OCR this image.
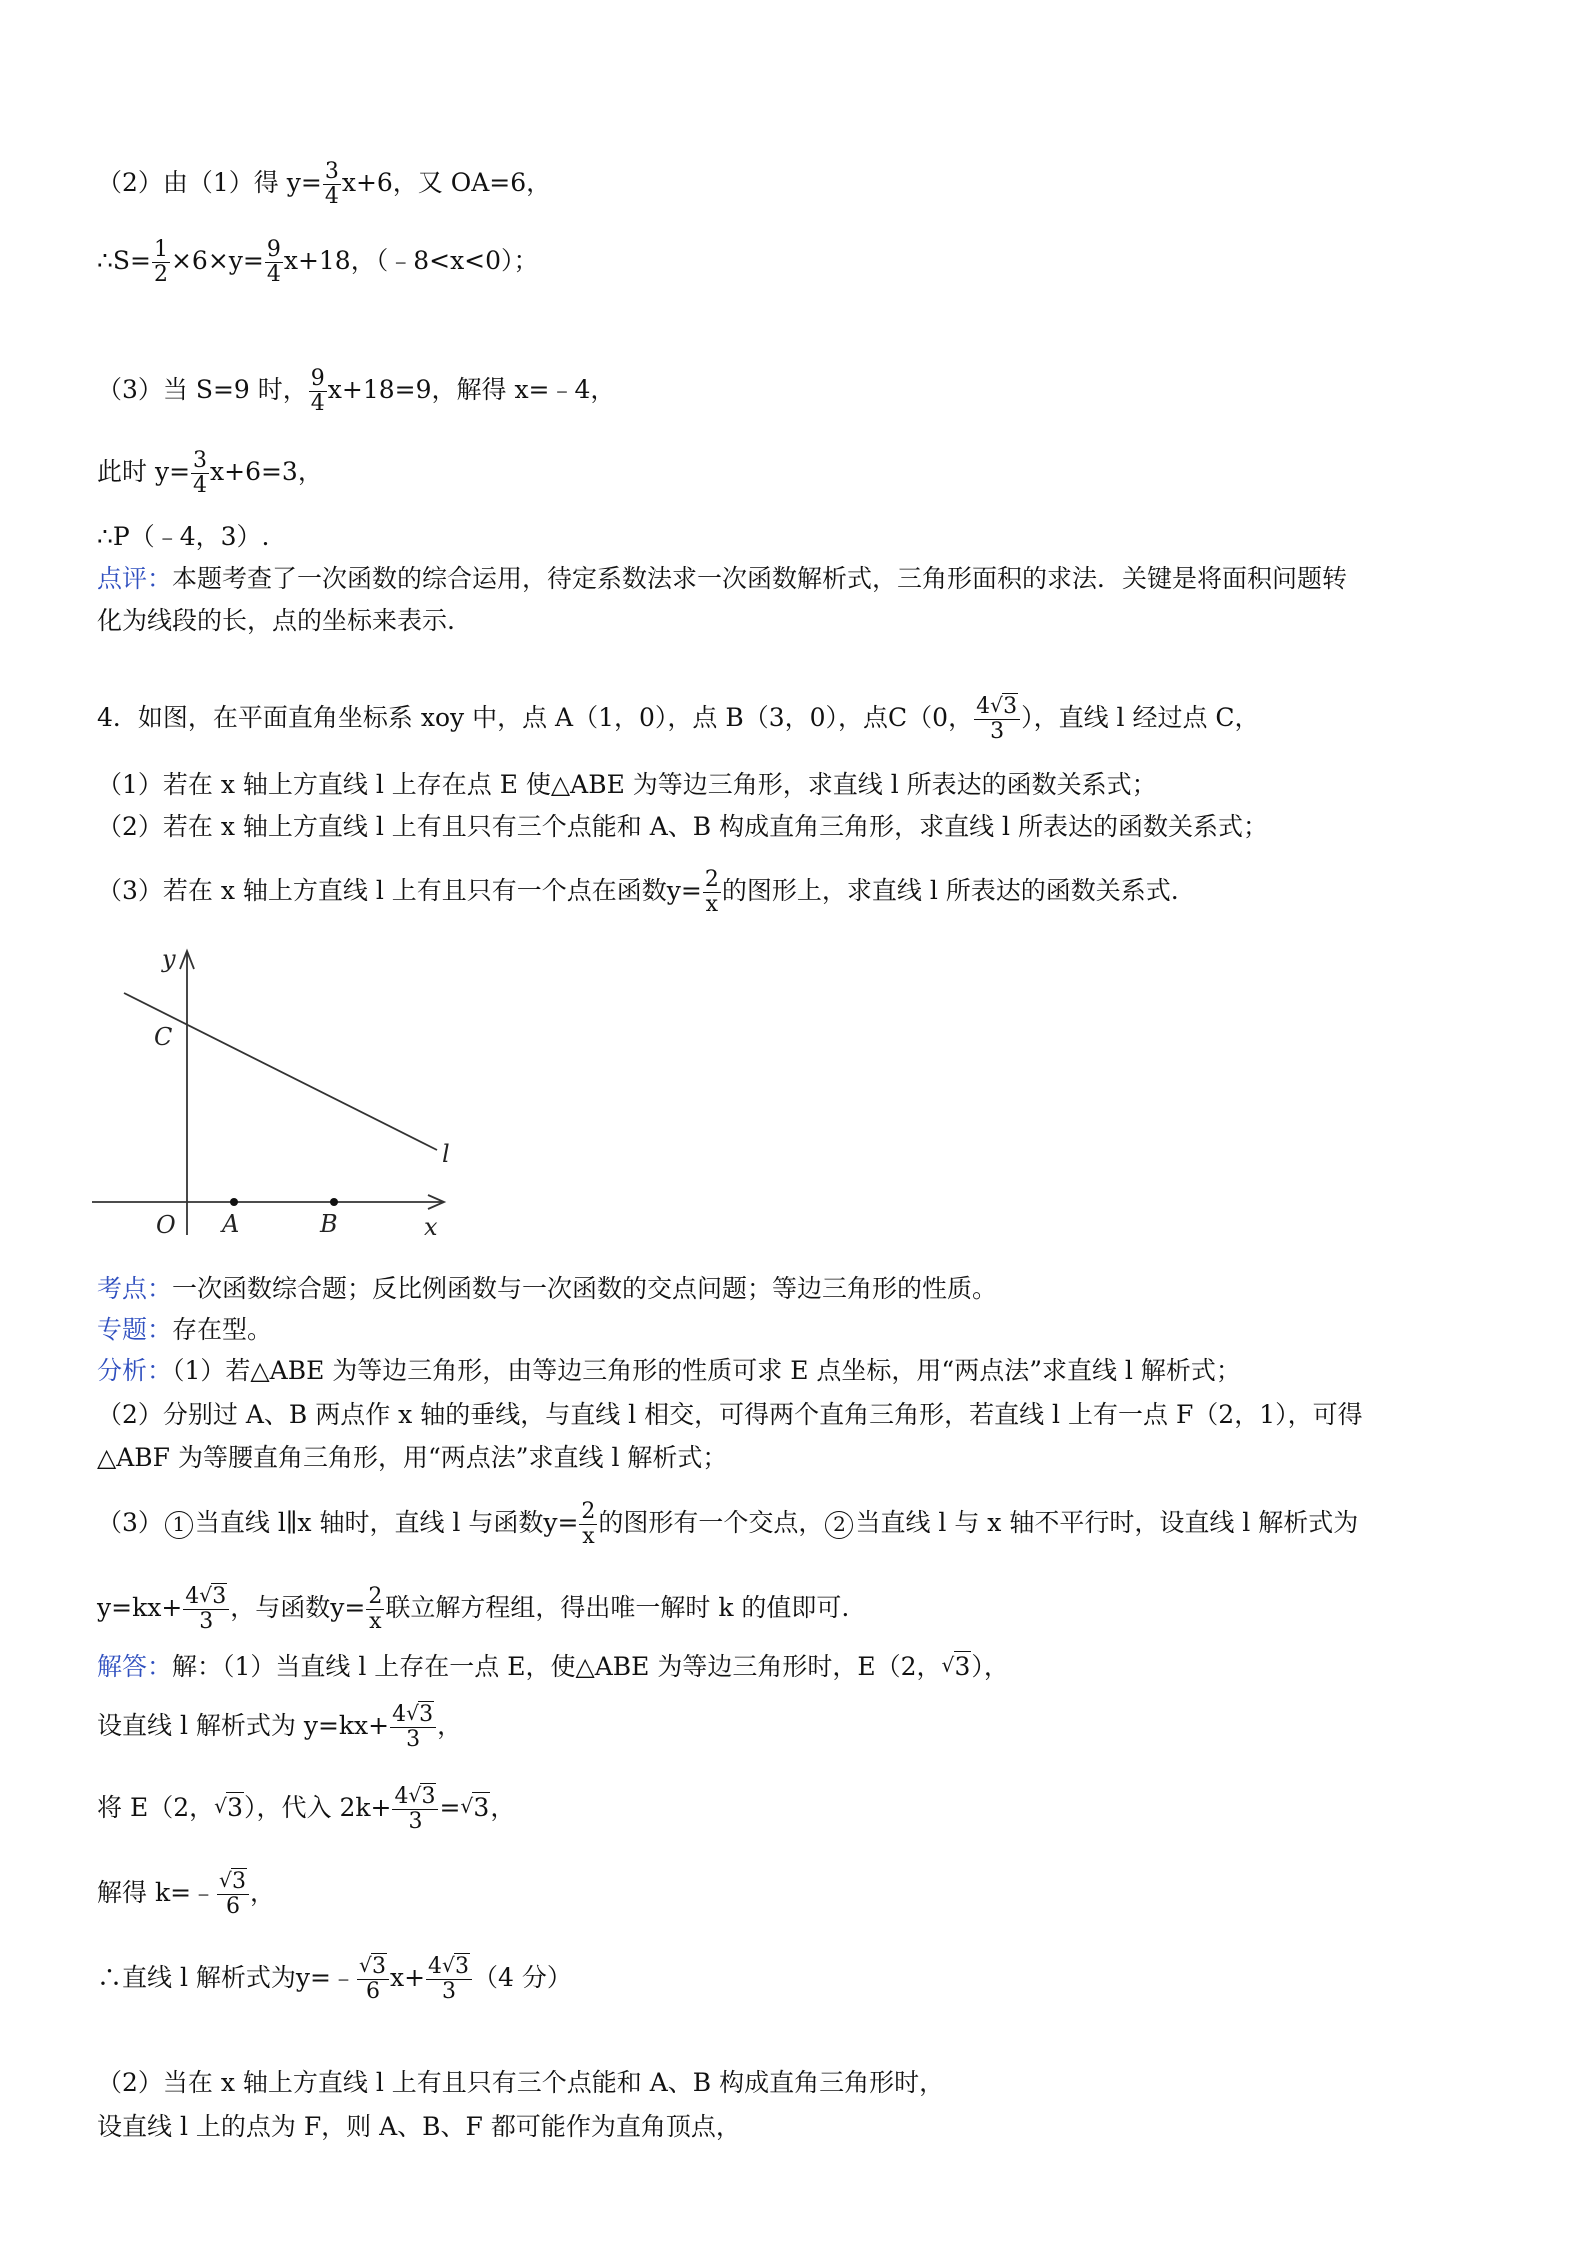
（2）由（1）得 $y= \frac{3}{4} x+6$，又 OA=6，
∴S= $\frac{1}{2} \times 6\times y= \frac{9}{4} x+18$，（﹣8<x<0）；
（3）当 S=9 时， $\frac{9}{4} x+18=9$，解得 x=﹣4，
此时 $y= \frac{3}{4} x+6=3$，
∴P（﹣4，3）.
点评：本题考查了一次函数的综合运用，待定系数法求一次函数解析式，三角形面积的求法．关键是将面积问题转
化为线段的长，点的坐标来表示.
4．如图，在平面直角坐标系 xoy 中，点 A（1，0），点 B（3，0），点C（0， $\frac{4 √ 3}{3}$ ），直线 l 经过点 C，
（1）若在 x 轴上方直线 l 上存在点 E 使△ABE 为等边三角形，求直线 l 所表达的函数关系式；
（2）若在 x 轴上方直线 l 上有且只有三个点能和 A、B 构成直角三角形，求直线 l 所表达的函数关系式；
（3）若在 x 轴上方直线 l 上有且只有一个点在函数$y= \frac{2}{x}$ 的图形上，求直线 l 所表达的函数关系式.
y
x
O A	B
C
l
考点：一次函数综合题；反比例函数与一次函数的交点问题；等边三角形的性质。
专题：存在型。
分析：（1）若△ABE 为等边三角形，由等边三角形的性质可求 E 点坐标，用“两点法”求直线 l 解析式；
（2）分别过 A、B 两点作 x 轴的垂线，与直线 l 相交，可得两个直角三角形，若直线 l 上有一点 F（2，1），可得
△ABF 为等腰直角三角形，用“两点法”求直线 l 解析式；
（3） 1 当直线 l∥x 轴时，直线 l 与函数$y= \frac{2}{x}$ 的图形有一个交点， 2 当直线 l 与 x 轴不平行时，设直线 l 解析式为
$y=kx+ \frac{4 √ 3}{3}$ ，与函数$y= \frac{2}{x}$ 联立解方程组，得出唯一解时 k 的值即可.
解答：解：（1）当直线 l 上存在一点 E，使△ABE 为等边三角形时，E（2， √ 3），
设直线 l 解析式为 $y=kx+ \frac{4 √ 3}{3}$ ，
将 E（2， √ 3），代入 $2k+ \frac{4 √ 3}{3}$ = √ 3，
解得 k=﹣ √ $\frac{3}{6}$ ，
∴直线 l 解析式为y=﹣ √ $\frac{3}{6} x+ \frac{4 √ 3}{3} (4$ 分）
（2）当在 x 轴上方直线 l 上有且只有三个点能和 A、B 构成直角三角形时，
设直线 l 上的点为 F，则 A、B、F 都可能作为直角顶点，
